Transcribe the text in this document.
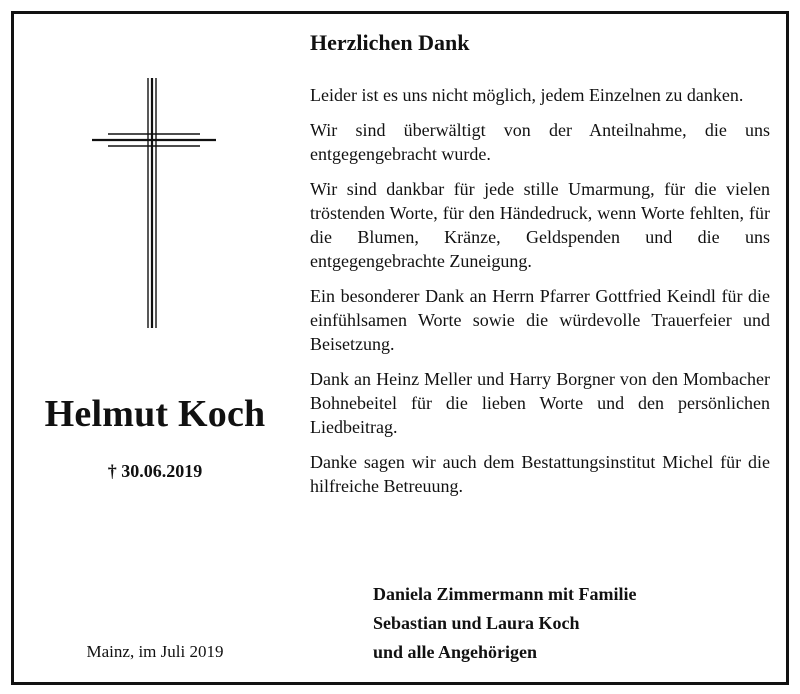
Helmut Koch
† 30.06.2019
Mainz, im Juli 2019
Herzlichen Dank

Leider ist es uns nicht möglich, jedem Einzelnen zu danken.

Wir sind überwältigt von der Anteilnahme, die uns entgegengebracht wurde.

Wir sind dankbar für jede stille Umarmung, für die vielen tröstenden Worte, für den Händedruck, wenn Worte fehlten, für die Blumen, Kränze, Geldspenden und die uns entgegengebrachte Zuneigung.

Ein besonderer Dank an Herrn Pfarrer Gottfried Keindl für die einfühlsamen Worte sowie die würdevolle Trauerfeier und Beisetzung.

Dank an Heinz Meller und Harry Borgner von den Mombacher Bohnebeitel für die lieben Worte und den persönlichen Liedbeitrag.

Danke sagen wir auch dem Bestattungsinstitut Michel für die hilfreiche Betreuung.

Daniela Zimmermann mit Familie
Sebastian und Laura Koch
und alle Angehörigen
